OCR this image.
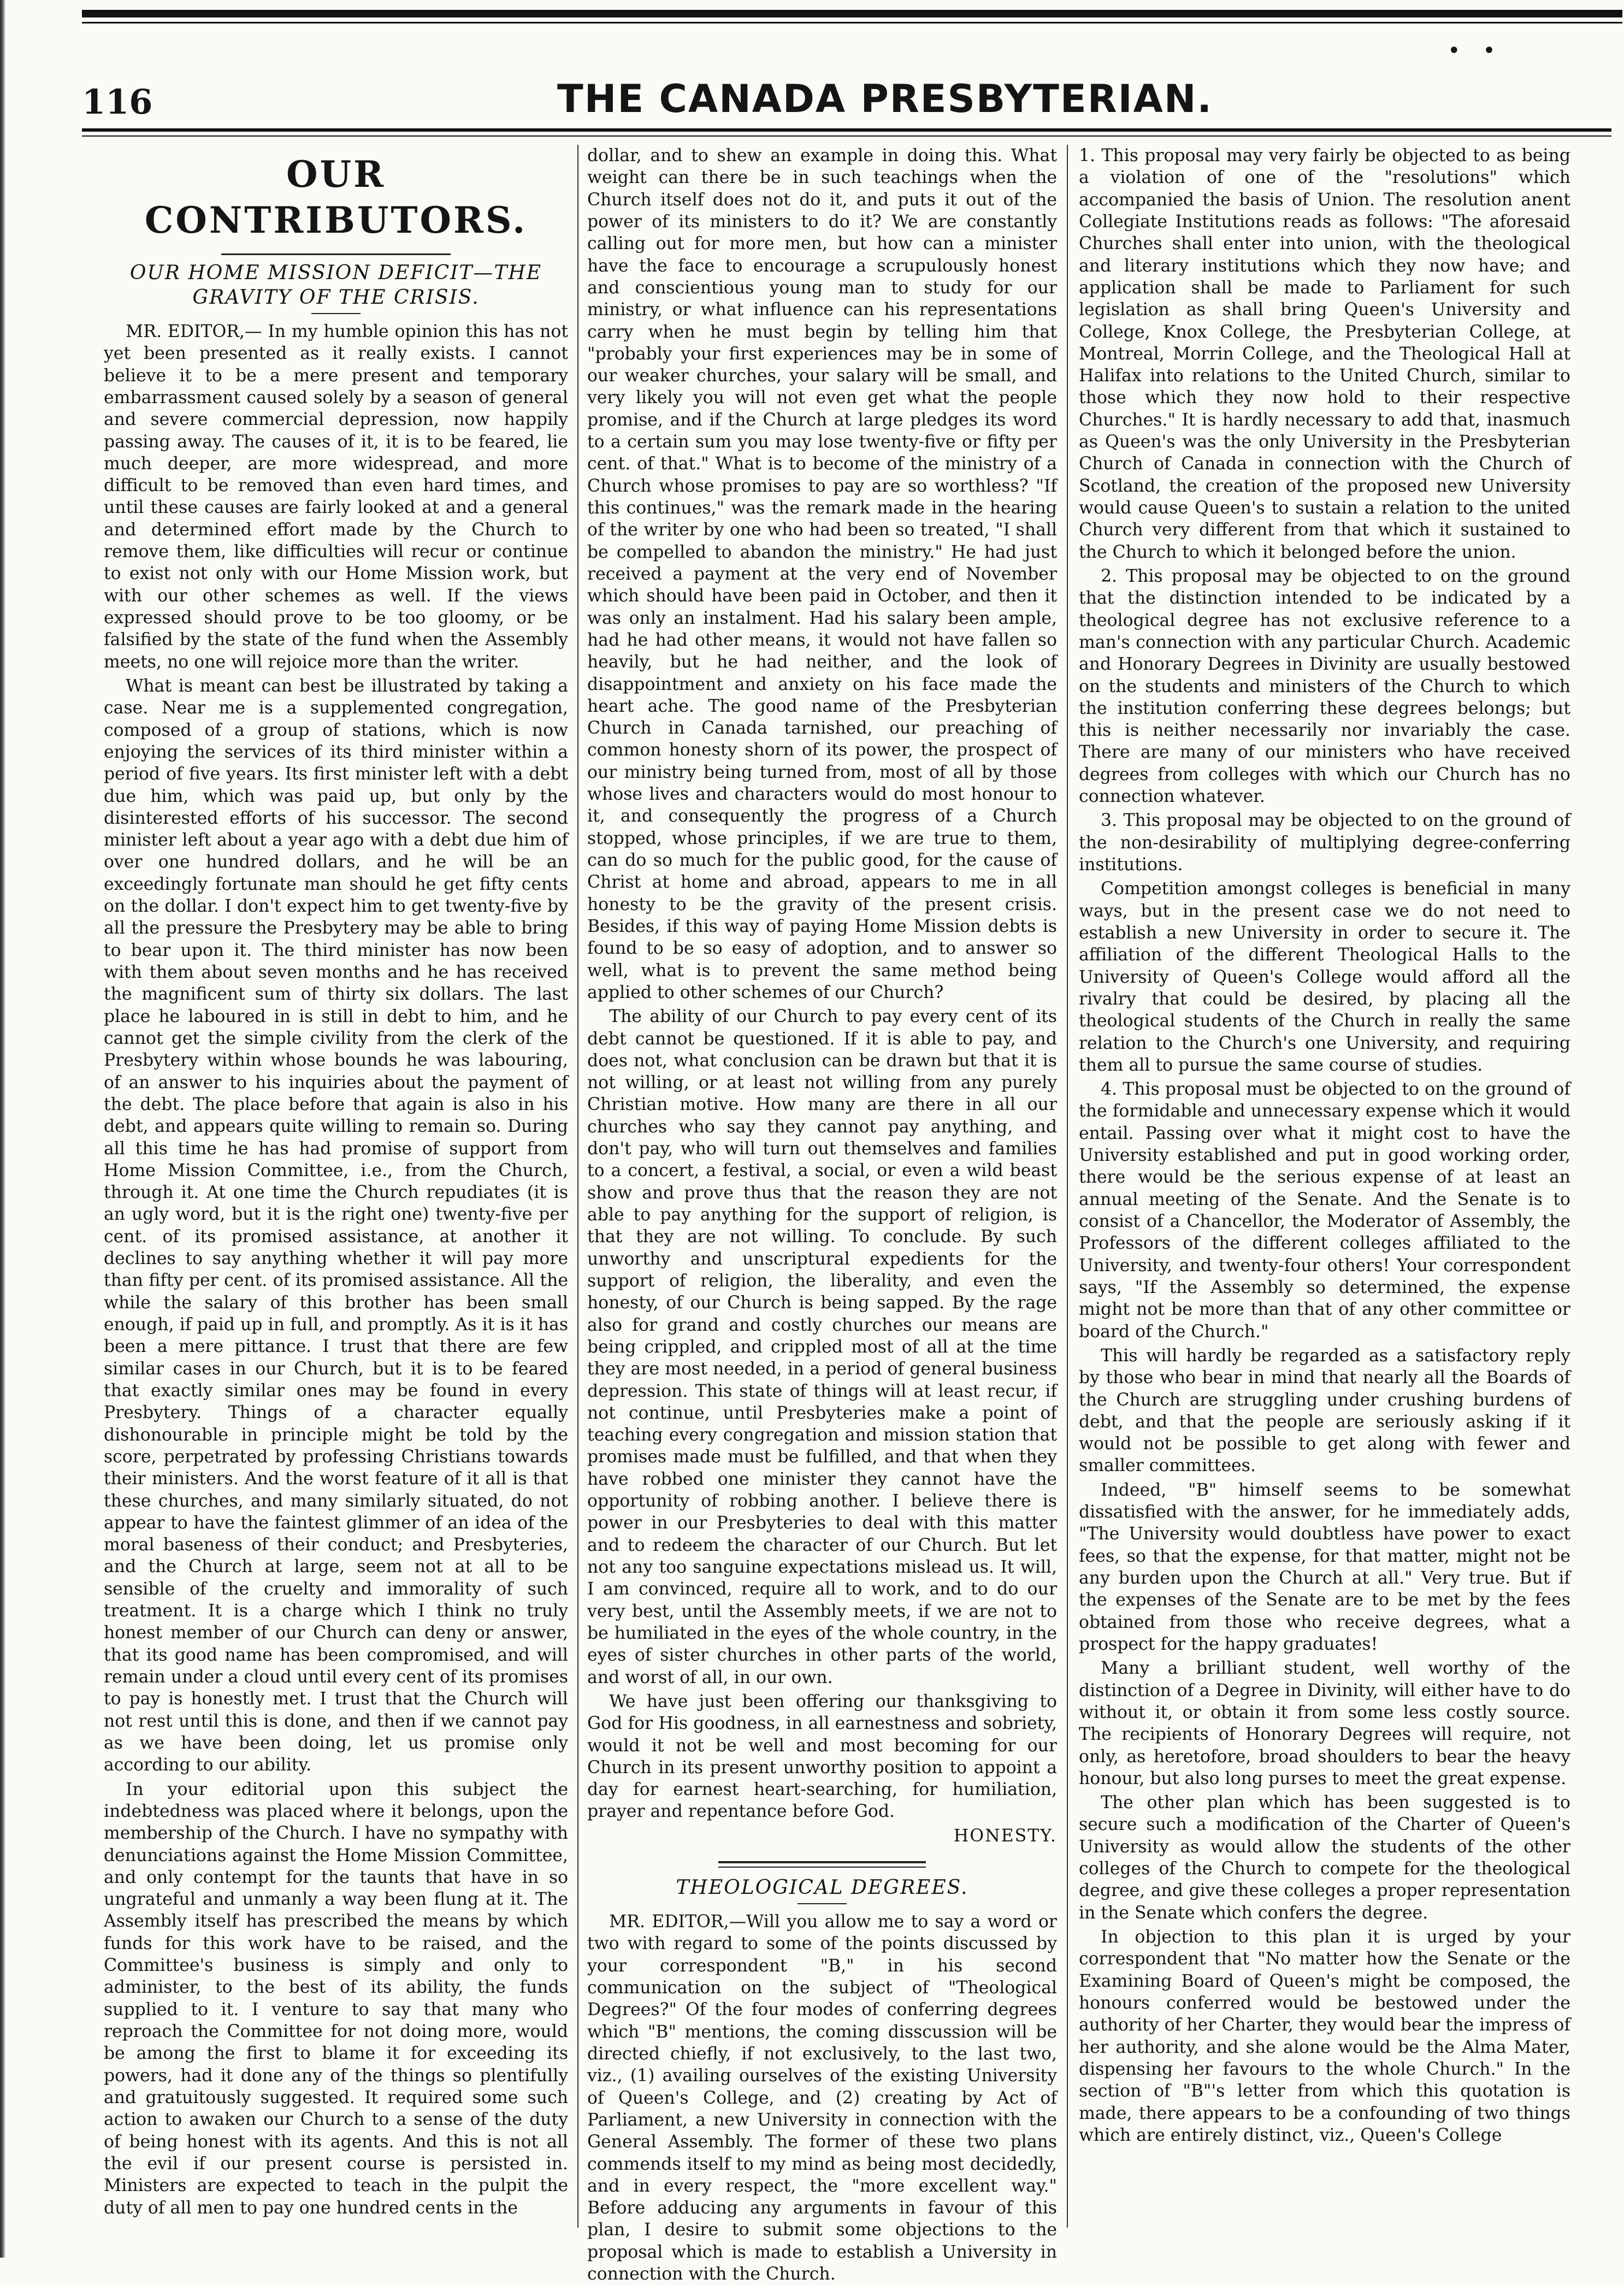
• •
116	THE CANADA PRESBYTERIAN.
OUR CONTRIBUTORS.
OUR HOME MISSION DEFICIT—THE GRAVITY OF THE CRISIS.

MR. EDITOR,— In my humble opinion this has not yet been presented as it really exists. I cannot believe it to be a mere present and temporary embarrassment caused solely by a season of general and severe commercial depression, now happily passing away. The causes of it, it is to be feared, lie much deeper, are more widespread, and more difficult to be removed than even hard times, and until these causes are fairly looked at and a general and determined effort made by the Church to remove them, like difficulties will recur or continue to exist not only with our Home Mission work, but with our other schemes as well. If the views expressed should prove to be too gloomy, or be falsified by the state of the fund when the Assembly meets, no one will rejoice more than the writer.

What is meant can best be illustrated by taking a case. Near me is a supplemented congregation, composed of a group of stations, which is now enjoying the services of its third minister within a period of five years. Its first minister left with a debt due him, which was paid up, but only by the disinterested efforts of his successor. The second minister left about a year ago with a debt due him of over one hundred dollars, and he will be an exceedingly fortunate man should he get fifty cents on the dollar. I don't expect him to get twenty-five by all the pressure the Presbytery may be able to bring to bear upon it. The third minister has now been with them about seven months and he has received the magnificent sum of thirty six dollars. The last place he laboured in is still in debt to him, and he cannot get the simple civility from the clerk of the Presbytery within whose bounds he was labouring, of an answer to his inquiries about the payment of the debt. The place before that again is also in his debt, and appears quite willing to remain so. During all this time he has had promise of support from Home Mission Committee, i.e., from the Church, through it. At one time the Church repudiates (it is an ugly word, but it is the right one) twenty-five per cent. of its promised assistance, at another it declines to say anything whether it will pay more than fifty per cent. of its promised assistance. All the while the salary of this brother has been small enough, if paid up in full, and promptly. As it is it has been a mere pittance. I trust that there are few similar cases in our Church, but it is to be feared that exactly similar ones may be found in every Presbytery. Things of a character equally dishonourable in principle might be told by the score, perpetrated by professing Christians towards their ministers. And the worst feature of it all is that these churches, and many similarly situated, do not appear to have the faintest glimmer of an idea of the moral baseness of their conduct; and Presbyteries, and the Church at large, seem not at all to be sensible of the cruelty and immorality of such treatment. It is a charge which I think no truly honest member of our Church can deny or answer, that its good name has been compromised, and will remain under a cloud until every cent of its promises to pay is honestly met. I trust that the Church will not rest until this is done, and then if we cannot pay as we have been doing, let us promise only according to our ability.

In your editorial upon this subject the indebtedness was placed where it belongs, upon the membership of the Church. I have no sympathy with denunciations against the Home Mission Committee, and only contempt for the taunts that have in so ungrateful and unmanly a way been flung at it. The Assembly itself has prescribed the means by which funds for this work have to be raised, and the Committee's business is simply and only to administer, to the best of its ability, the funds supplied to it. I venture to say that many who reproach the Committee for not doing more, would be among the first to blame it for exceeding its powers, had it done any of the things so plentifully and gratuitously suggested. It required some such action to awaken our Church to a sense of the duty of being honest with its agents. And this is not all the evil if our present course is persisted in. Ministers are expected to teach in the pulpit the duty of all men to pay one hundred cents in the

dollar, and to shew an example in doing this. What weight can there be in such teachings when the Church itself does not do it, and puts it out of the power of its ministers to do it? We are constantly calling out for more men, but how can a minister have the face to encourage a scrupulously honest and conscientious young man to study for our ministry, or what influence can his representations carry when he must begin by telling him that "probably your first experiences may be in some of our weaker churches, your salary will be small, and very likely you will not even get what the people promise, and if the Church at large pledges its word to a certain sum you may lose twenty-five or fifty per cent. of that." What is to become of the ministry of a Church whose promises to pay are so worthless? "If this continues," was the remark made in the hearing of the writer by one who had been so treated, "I shall be compelled to abandon the ministry." He had just received a payment at the very end of November which should have been paid in October, and then it was only an instalment. Had his salary been ample, had he had other means, it would not have fallen so heavily, but he had neither, and the look of disappointment and anxiety on his face made the heart ache. The good name of the Presbyterian Church in Canada tarnished, our preaching of common honesty shorn of its power, the prospect of our ministry being turned from, most of all by those whose lives and characters would do most honour to it, and consequently the progress of a Church stopped, whose principles, if we are true to them, can do so much for the public good, for the cause of Christ at home and abroad, appears to me in all honesty to be the gravity of the present crisis. Besides, if this way of paying Home Mission debts is found to be so easy of adoption, and to answer so well, what is to prevent the same method being applied to other schemes of our Church?

The ability of our Church to pay every cent of its debt cannot be questioned. If it is able to pay, and does not, what conclusion can be drawn but that it is not willing, or at least not willing from any purely Christian motive. How many are there in all our churches who say they cannot pay anything, and don't pay, who will turn out themselves and families to a concert, a festival, a social, or even a wild beast show and prove thus that the reason they are not able to pay anything for the support of religion, is that they are not willing. To conclude. By such unworthy and unscriptural expedients for the support of religion, the liberality, and even the honesty, of our Church is being sapped. By the rage also for grand and costly churches our means are being crippled, and crippled most of all at the time they are most needed, in a period of general business depression. This state of things will at least recur, if not continue, until Presbyteries make a point of teaching every congregation and mission station that promises made must be fulfilled, and that when they have robbed one minister they cannot have the opportunity of robbing another. I believe there is power in our Presbyteries to deal with this matter and to redeem the character of our Church. But let not any too sanguine expectations mislead us. It will, I am convinced, require all to work, and to do our very best, until the Assembly meets, if we are not to be humiliated in the eyes of the whole country, in the eyes of sister churches in other parts of the world, and worst of all, in our own.

We have just been offering our thanksgiving to God for His goodness, in all earnestness and sobriety, would it not be well and most becoming for our Church in its present unworthy position to appoint a day for earnest heart-searching, for humiliation, prayer and repentance before God.

HONESTY.
THEOLOGICAL DEGREES.

MR. EDITOR,—Will you allow me to say a word or two with regard to some of the points discussed by your correspondent "B," in his second communication on the subject of "Theological Degrees?" Of the four modes of conferring degrees which "B" mentions, the coming disscussion will be directed chiefly, if not exclusively, to the last two, viz., (1) availing ourselves of the existing University of Queen's College, and (2) creating by Act of Parliament, a new University in connection with the General Assembly. The former of these two plans commends itself to my mind as being most decidedly, and in every respect, the "more excellent way." Before adducing any arguments in favour of this plan, I desire to submit some objections to the proposal which is made to establish a University in connection with the Church.

1. This proposal may very fairly be objected to as being a violation of one of the "resolutions" which accompanied the basis of Union. The resolution anent Collegiate Institutions reads as follows: "The aforesaid Churches shall enter into union, with the theological and literary institutions which they now have; and application shall be made to Parliament for such legislation as shall bring Queen's University and College, Knox College, the Presbyterian College, at Montreal, Morrin College, and the Theological Hall at Halifax into relations to the United Church, similar to those which they now hold to their respective Churches." It is hardly necessary to add that, inasmuch as Queen's was the only University in the Presbyterian Church of Canada in connection with the Church of Scotland, the creation of the proposed new University would cause Queen's to sustain a relation to the united Church very different from that which it sustained to the Church to which it belonged before the union.

2. This proposal may be objected to on the ground that the distinction intended to be indicated by a theological degree has not exclusive reference to a man's connection with any particular Church. Academic and Honorary Degrees in Divinity are usually bestowed on the students and ministers of the Church to which the institution conferring these degrees belongs; but this is neither necessarily nor invariably the case. There are many of our ministers who have received degrees from colleges with which our Church has no connection whatever.

3. This proposal may be objected to on the ground of the non-desirability of multiplying degree-conferring institutions.

Competition amongst colleges is beneficial in many ways, but in the present case we do not need to establish a new University in order to secure it. The affiliation of the different Theological Halls to the University of Queen's College would afford all the rivalry that could be desired, by placing all the theological students of the Church in really the same relation to the Church's one University, and requiring them all to pursue the same course of studies.

4. This proposal must be objected to on the ground of the formidable and unnecessary expense which it would entail. Passing over what it might cost to have the University established and put in good working order, there would be the serious expense of at least an annual meeting of the Senate. And the Senate is to consist of a Chancellor, the Moderator of Assembly, the Professors of the different colleges affiliated to the University, and twenty-four others! Your correspondent says, "If the Assembly so determined, the expense might not be more than that of any other committee or board of the Church."

This will hardly be regarded as a satisfactory reply by those who bear in mind that nearly all the Boards of the Church are struggling under crushing burdens of debt, and that the people are seriously asking if it would not be possible to get along with fewer and smaller committees.

Indeed, "B" himself seems to be somewhat dissatisfied with the answer, for he immediately adds, "The University would doubtless have power to exact fees, so that the expense, for that matter, might not be any burden upon the Church at all." Very true. But if the expenses of the Senate are to be met by the fees obtained from those who receive degrees, what a prospect for the happy graduates!

Many a brilliant student, well worthy of the distinction of a Degree in Divinity, will either have to do without it, or obtain it from some less costly source. The recipients of Honorary Degrees will require, not only, as heretofore, broad shoulders to bear the heavy honour, but also long purses to meet the great expense.

The other plan which has been suggested is to secure such a modification of the Charter of Queen's University as would allow the students of the other colleges of the Church to compete for the theological degree, and give these colleges a proper representation in the Senate which confers the degree.

In objection to this plan it is urged by your correspondent that "No matter how the Senate or the Examining Board of Queen's might be composed, the honours conferred would be bestowed under the authority of her Charter, they would bear the impress of her authority, and she alone would be the Alma Mater, dispensing her favours to the whole Church." In the section of "B"'s letter from which this quotation is made, there appears to be a confounding of two things which are entirely distinct, viz., Queen's College
